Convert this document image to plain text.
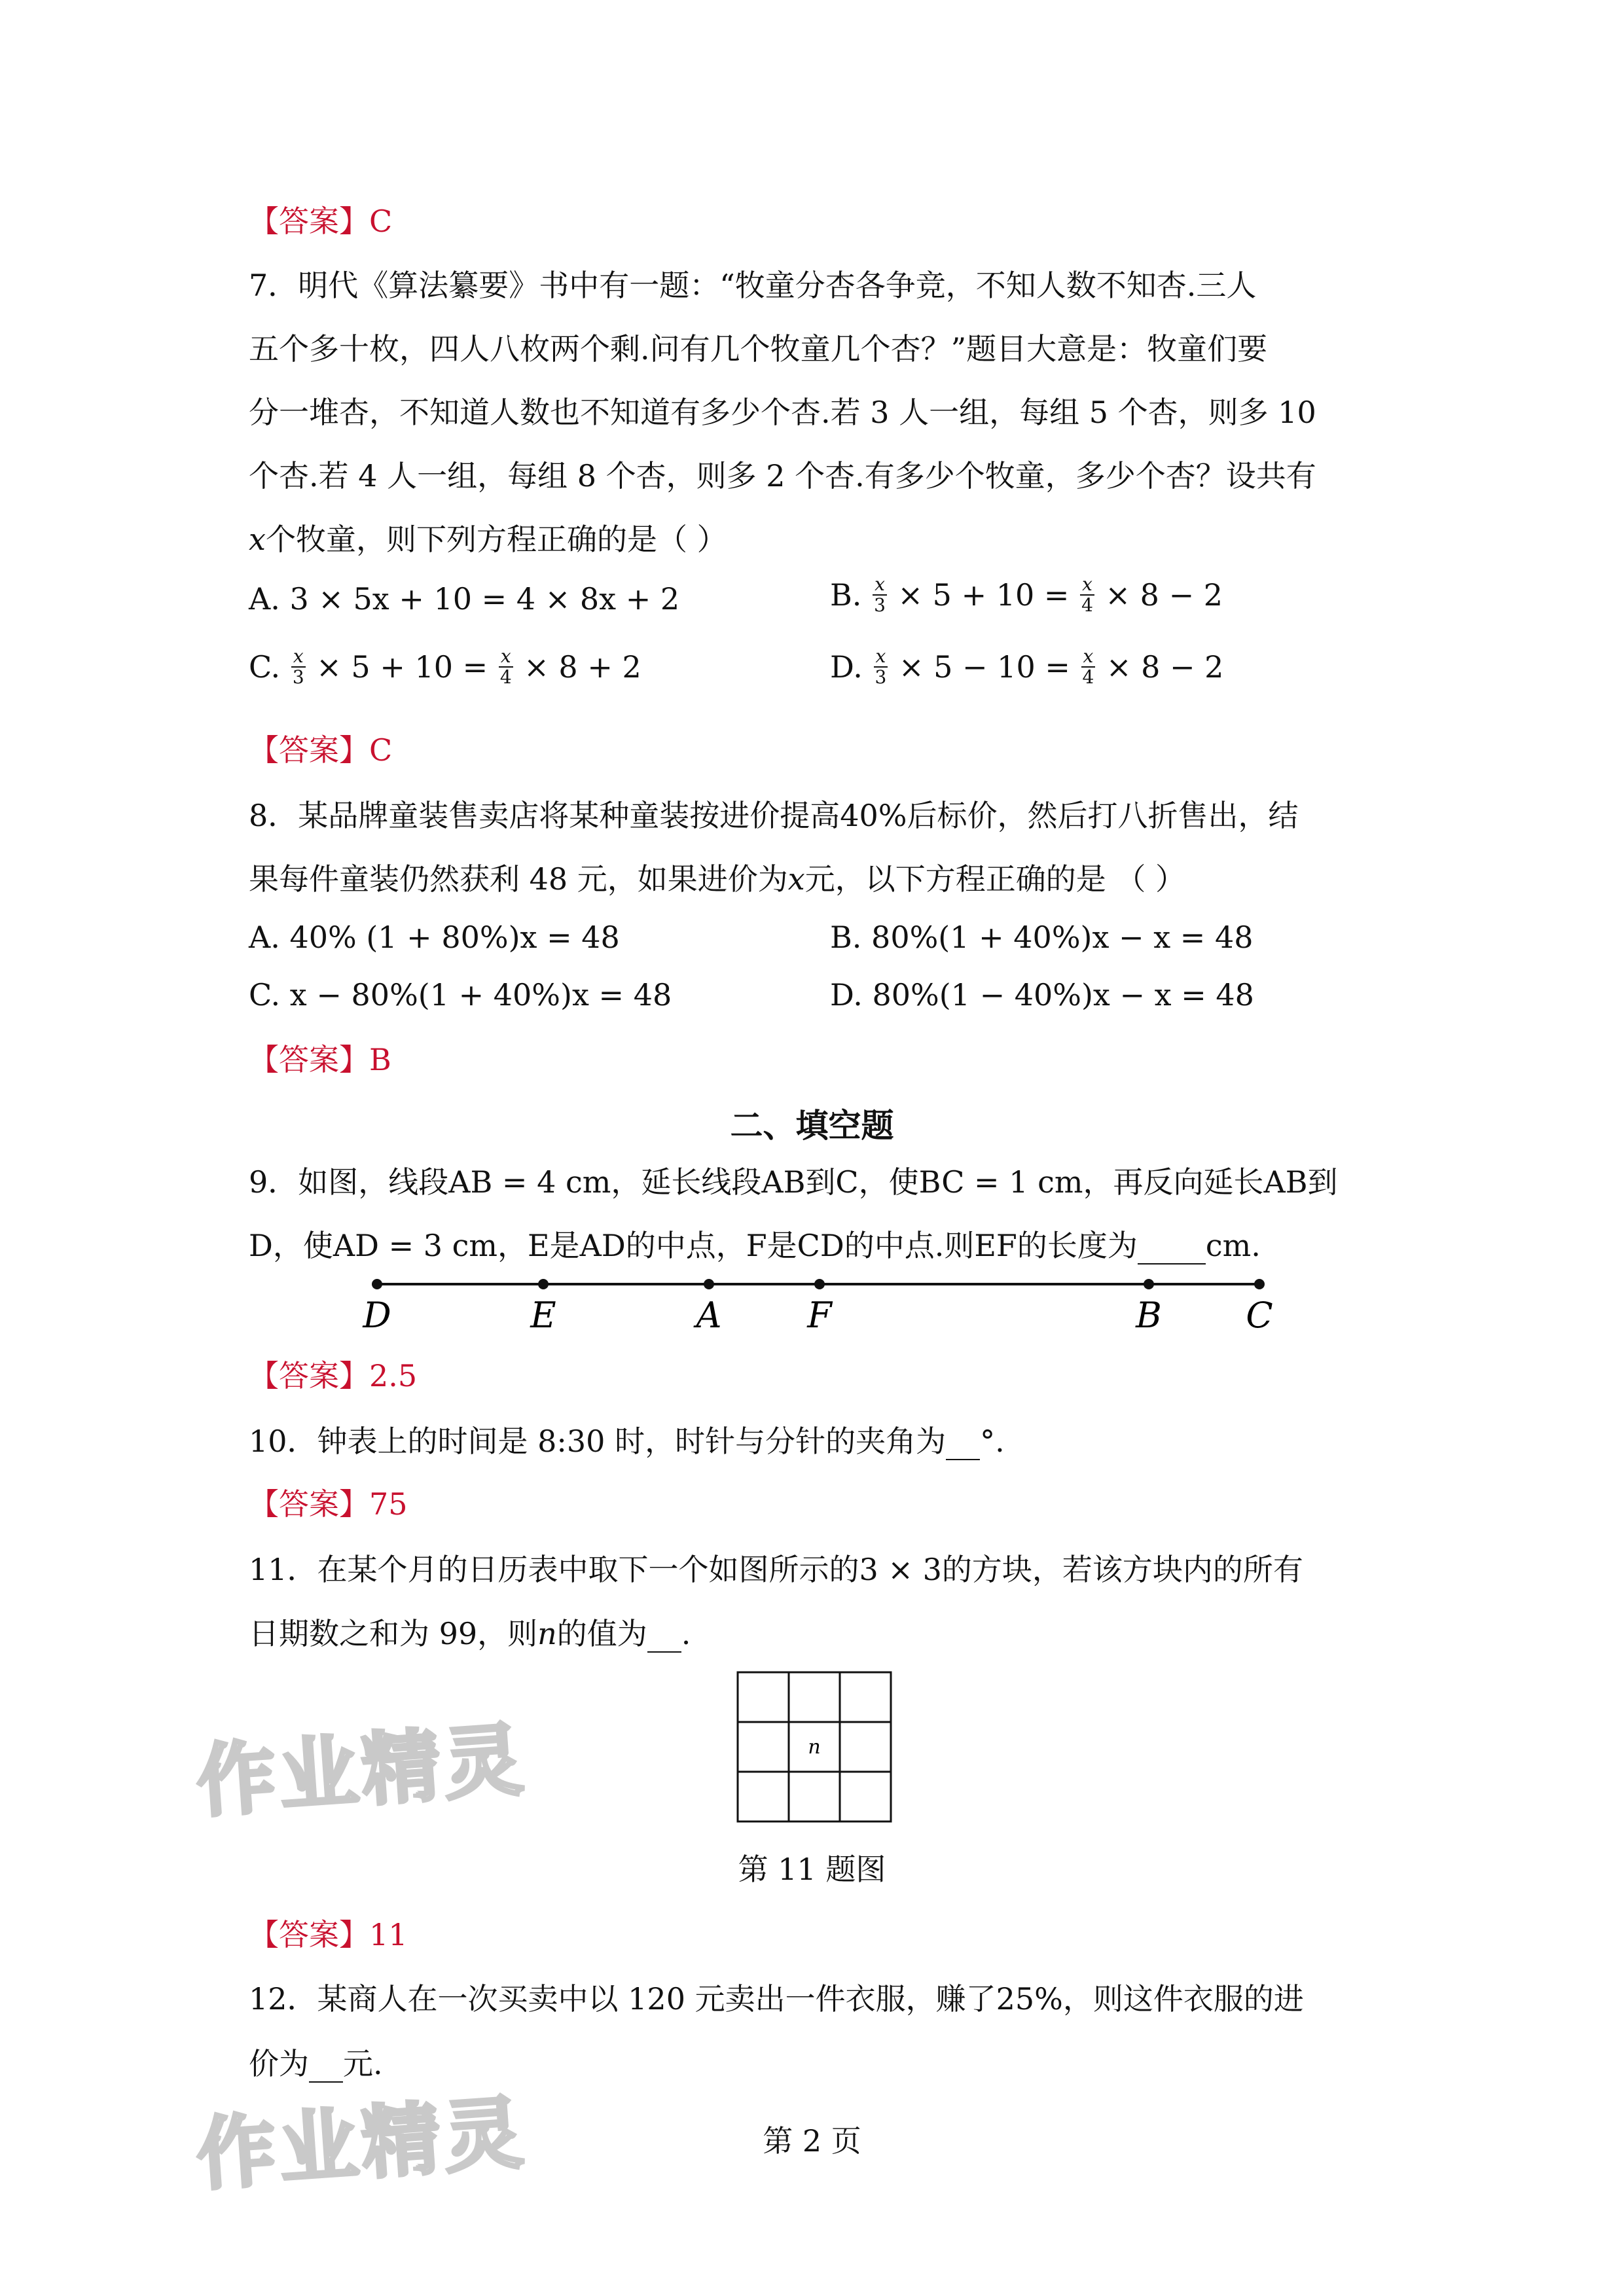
【答案】C
7．明代《算法纂要》书中有一题：“牧童分杏各争竞，不知人数不知杏.三人
五个多十枚，四人八枚两个剩.问有几个牧童几个杏？”题目大意是：牧童们要
分一堆杏，不知道人数也不知道有多少个杏.若 3 人一组，每组 5 个杏，则多 10
个杏.若 4 人一组，每组 8 个杏，则多 2 个杏.有多少个牧童，多少个杏？设共有
x个牧童，则下列方程正确的是（ ）
A. 3 × 5x + 10 = 4 × 8x + 2	B. $\frac{x}{3} \times 5 + 10 = \frac{x}{4} \times 8 - 2$
C. $\frac{x}{3} \times 5 + 10 = \frac{x}{4} \times 8 + 2$	D. $\frac{x}{3} \times 5 - 10 = \frac{x}{4} \times 8 - 2$
【答案】C
8．某品牌童装售卖店将某种童装按进价提高40%后标价，然后打八折售出，结
果每件童装仍然获利 48 元，如果进价为x元，以下方程正确的是 （ ）
A. 40% (1 + 80%)x = 48	B. 80%(1 + 40%)x − x = 48
C. x − 80%(1 + 40%)x = 48	D. 80%(1 − 40%)x − x = 48
【答案】B
二、填空题
9．如图，线段AB = 4 cm，延长线段AB到C，使BC = 1 cm，再反向延长AB到
D，使AD = 3 cm，E是AD的中点，F是CD的中点.则EF的长度为 cm.
D	E	A F	B C
【答案】2.5
10．钟表上的时间是 8:30 时，时针与分针的夹角为 °.
【答案】75
11．在某个月的日历表中取下一个如图所示的3 × 3的方块，若该方块内的所有
日期数之和为 99，则n的值为 .
n
第 11 题图
【答案】11
12．某商人在一次买卖中以 120 元卖出一件衣服，赚了25%，则这件衣服的进
价为 元.
作业精灵
作业精灵	第 2 页
